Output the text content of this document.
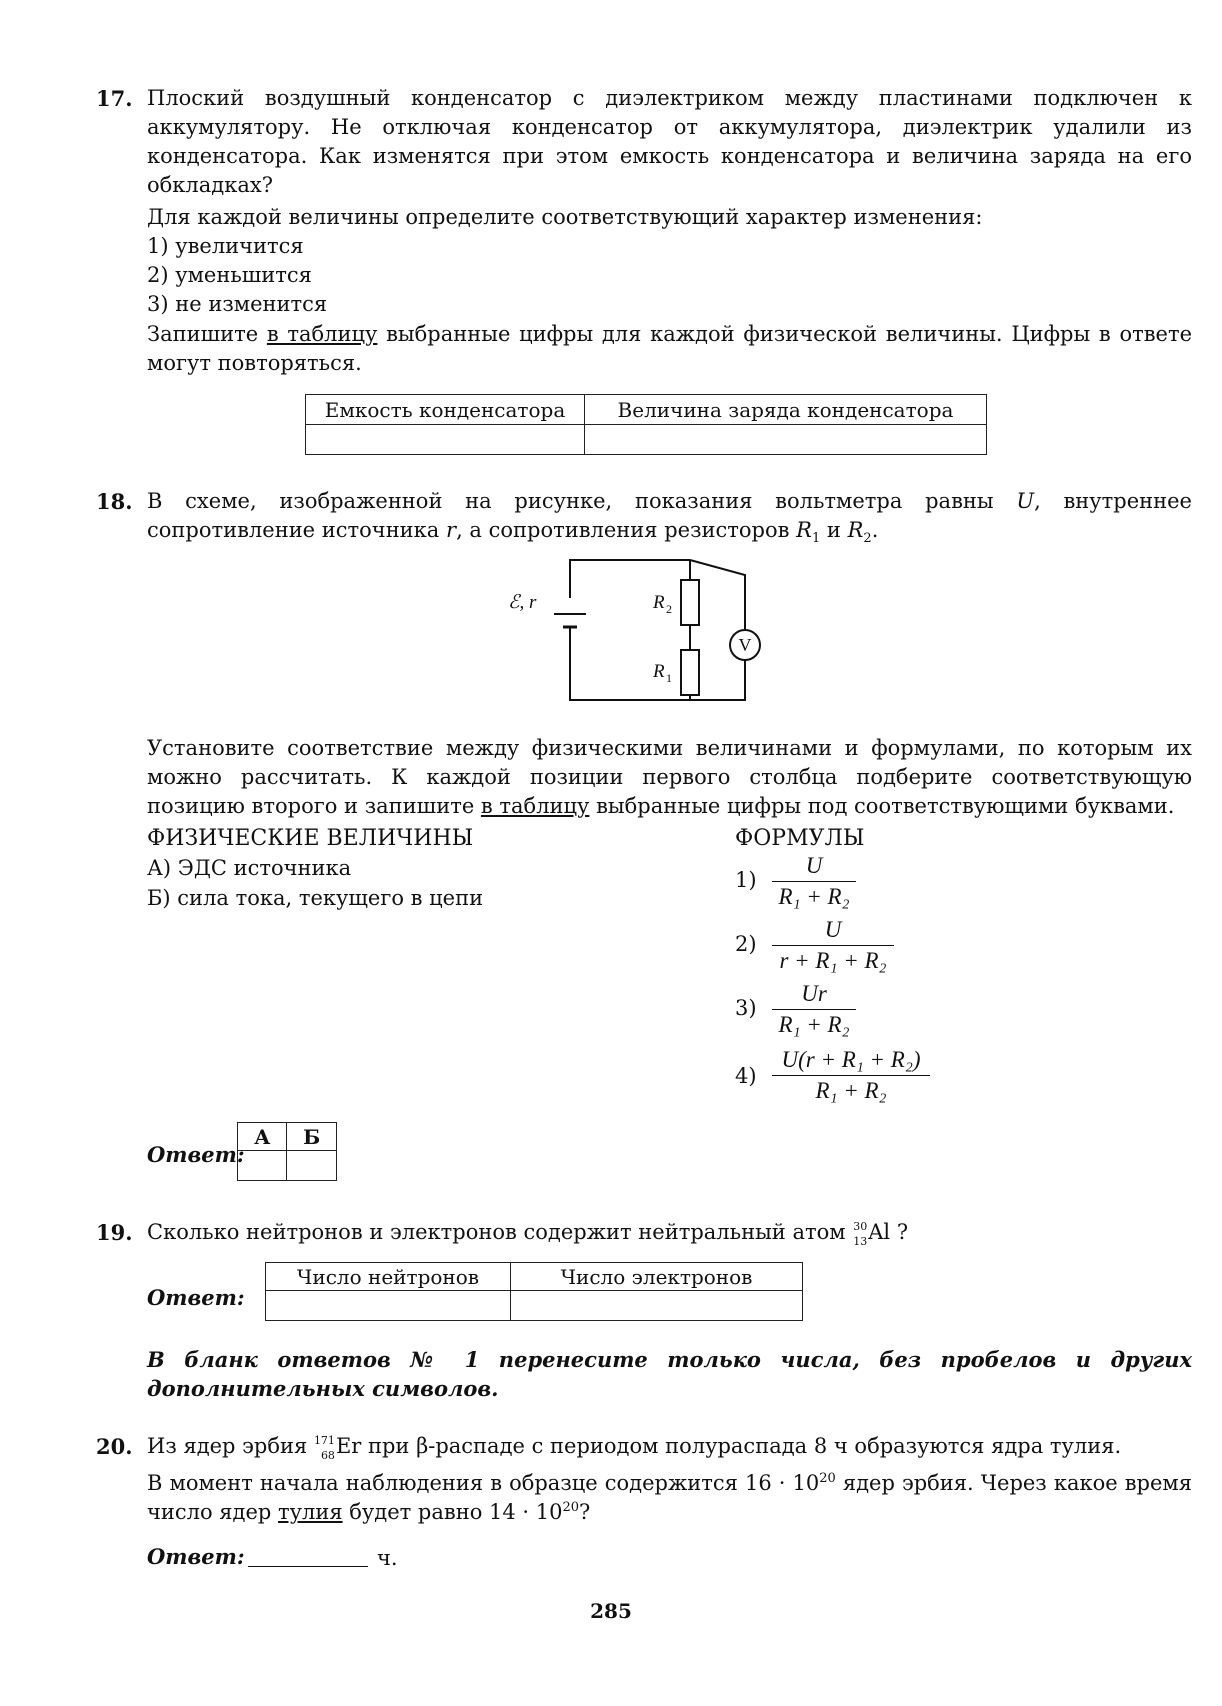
17. Плоский воздушный конденсатор с диэлектриком между пластинами подключен к аккумулятору. Не отключая конденсатор от аккумулятора, диэлектрик удалили из конденсатора. Как изменятся при этом емкость конденсатора и величина заряда на его обкладках?
Для каждой величины определите соответствующий характер изменения:
1) увеличится
2) уменьшится
3) не изменится
Запишите в таблицу выбранные цифры для каждой физической величины. Цифры в ответе могут повторяться.
Емкость конденсатора	Величина заряда конденсатора

18. В схеме, изображенной на рисунке, показания вольтметра равны U, внутреннее сопротивление источника r, а сопротивления резисторов $R_1$ и $R_2$.
V
ℰ, r	R 2
R 1
Установите соответствие между физическими величинами и формулами, по которым их можно рассчитать. К каждой позиции первого столбца подберите соответствующую позицию второго и запишите в таблицу выбранные цифры под соответствующими буквами.
ФИЗИЧЕСКИЕ ВЕЛИЧИНЫ	ФОРМУЛЫ
А) ЭДС источника
Б) сила тока, текущего в цепи
$1) \frac{U}{\text{R₁ + R₂}}$
$2) \frac{U}{\text{r + R₁ + R₂}}$
$3) \frac{Ur}{\text{R₁ + R₂}}$
$4) \frac{\text{U(r + R₁ + R₂)}}{\text{R₁ + R₂}}$
Ответ:
А	Б

19. Сколько нейтронов и электронов содержит нейтральный атом 30
13 Al ?
Ответ:
Число нейтронов	Число электронов

В бланк ответов № 1 перенесите только числа, без пробелов и других дополнительных символов.
20. Из ядер эрбия 171
68 Er при β-распаде с периодом полураспада 8 ч образуются ядра тулия.
В момент начала наблюдения в образце содержится $16 \cdot 10^{20}$ ядер эрбия. Через какое время число ядер тулия будет равно $14 \cdot 10^{20}$?
Ответ:	ч.
285
